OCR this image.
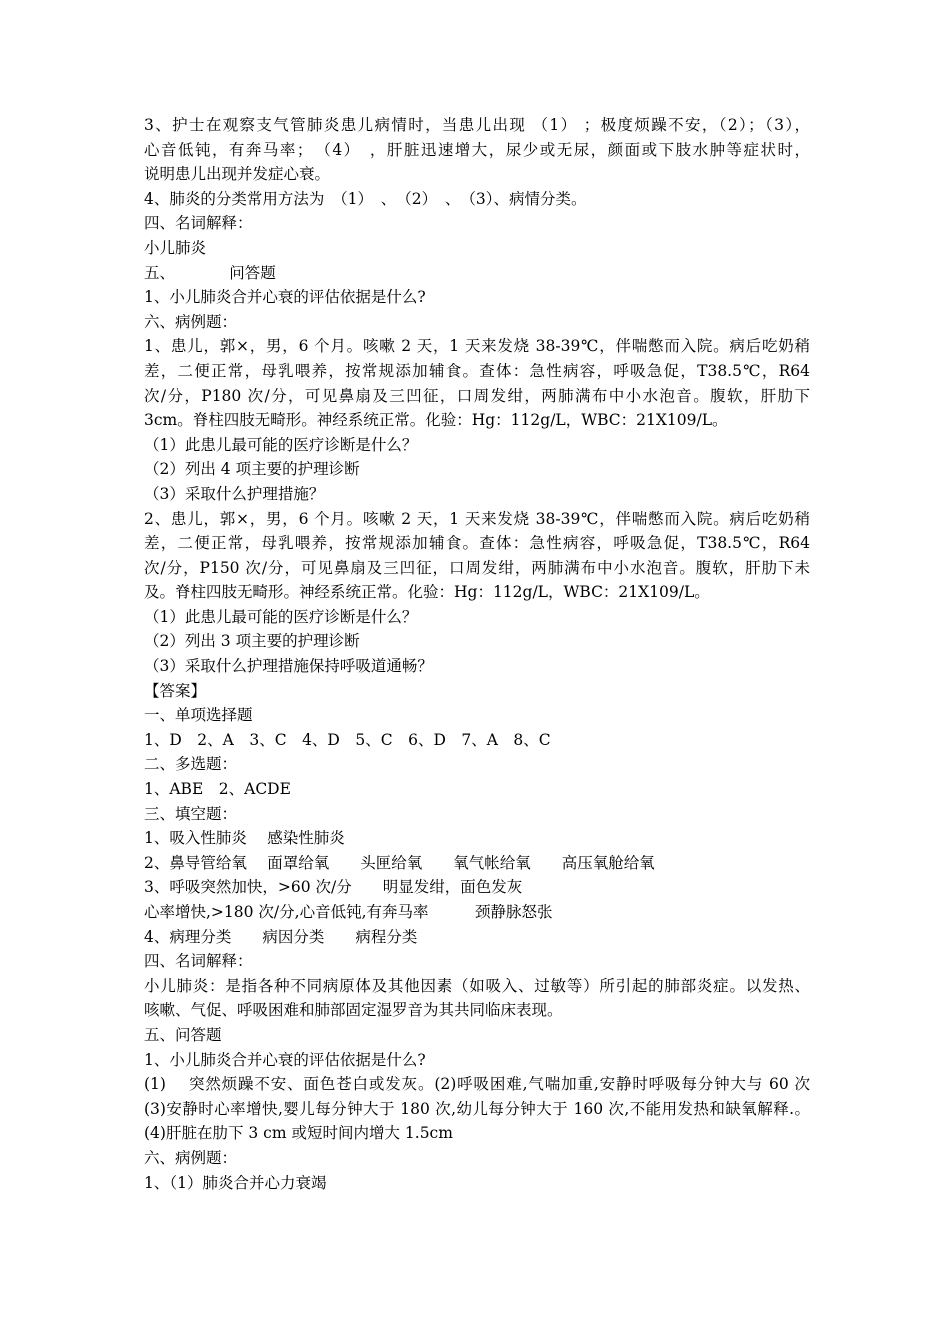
3、护士在观察支气管肺炎患儿病情时，当患儿出现 （1） ；极度烦躁不安，（2）；（3），
心音低钝，有奔马率；　（4）　，肝脏迅速增大，尿少或无尿，颜面或下肢水肿等症状时，
说明患儿出现并发症心衰。
4、肺炎的分类常用方法为　（1）　、　（2）　、　（3）、病情分类。
四、名词解释：
小儿肺炎
五、　　　　问答题
1、小儿肺炎合并心衰的评估依据是什么?
六、病例题：
1、患儿，郭×，男，6 个月。咳嗽 2 天，1 天来发烧 38-39℃，伴喘憋而入院。病后吃奶稍
差，二便正常，母乳喂养，按常规添加辅食。查体：急性病容，呼吸急促，T38.5℃，R64
次/分，P180 次/分，可见鼻扇及三凹征，口周发绀，两肺满布中小水泡音。腹软，肝肋下
3cm。脊柱四肢无畸形。神经系统正常。化验：Hg：112g/L，WBC：21X109/L。
（1）此患儿最可能的医疗诊断是什么？
（2）列出 4 项主要的护理诊断
（3）采取什么护理措施？
2、患儿，郭×，男，6 个月。咳嗽 2 天，1 天来发烧 38-39℃，伴喘憋而入院。病后吃奶稍
差，二便正常，母乳喂养，按常规添加辅食。查体：急性病容，呼吸急促，T38.5℃，R64
次/分，P150 次/分，可见鼻扇及三凹征，口周发绀，两肺满布中小水泡音。腹软，肝肋下未
及。脊柱四肢无畸形。神经系统正常。化验：Hg：112g/L，WBC：21X109/L。
（1）此患儿最可能的医疗诊断是什么？
（2）列出 3 项主要的护理诊断
（3）采取什么护理措施保持呼吸道通畅？
【答案】
一、单项选择题
1、D　2、A　3、C　4、D　5、C　6、D　7、A　8、C
二、多选题：
1、ABE　2、ACDE
三、填空题：
1、吸入性肺炎　 感染性肺炎
2、鼻导管给氧　 面罩给氧　　头匣给氧　　氧气帐给氧　　高压氧舱给氧
3、呼吸突然加快，>60 次/分　　明显发绀，面色发灰
心率增快,>180 次/分,心音低钝,有奔马率　　　颈静脉怒张
4、病理分类　　病因分类　　病程分类
四、名词解释：
小儿肺炎：是指各种不同病原体及其他因素（如吸入、过敏等）所引起的肺部炎症。以发热、
咳嗽、气促、呼吸困难和肺部固定湿罗音为其共同临床表现。
五、问答题
1、小儿肺炎合并心衰的评估依据是什么?
(1)　 突然烦躁不安、面色苍白或发灰。(2)呼吸困难,气喘加重,安静时呼吸每分钟大与 60 次
(3)安静时心率增快,婴儿每分钟大于 180 次,幼儿每分钟大于 160 次,不能用发热和缺氧解释.。
(4)肝脏在肋下 3 cm 或短时间内增大 1.5cm
六、病例题：
1、（1）肺炎合并心力衰竭
